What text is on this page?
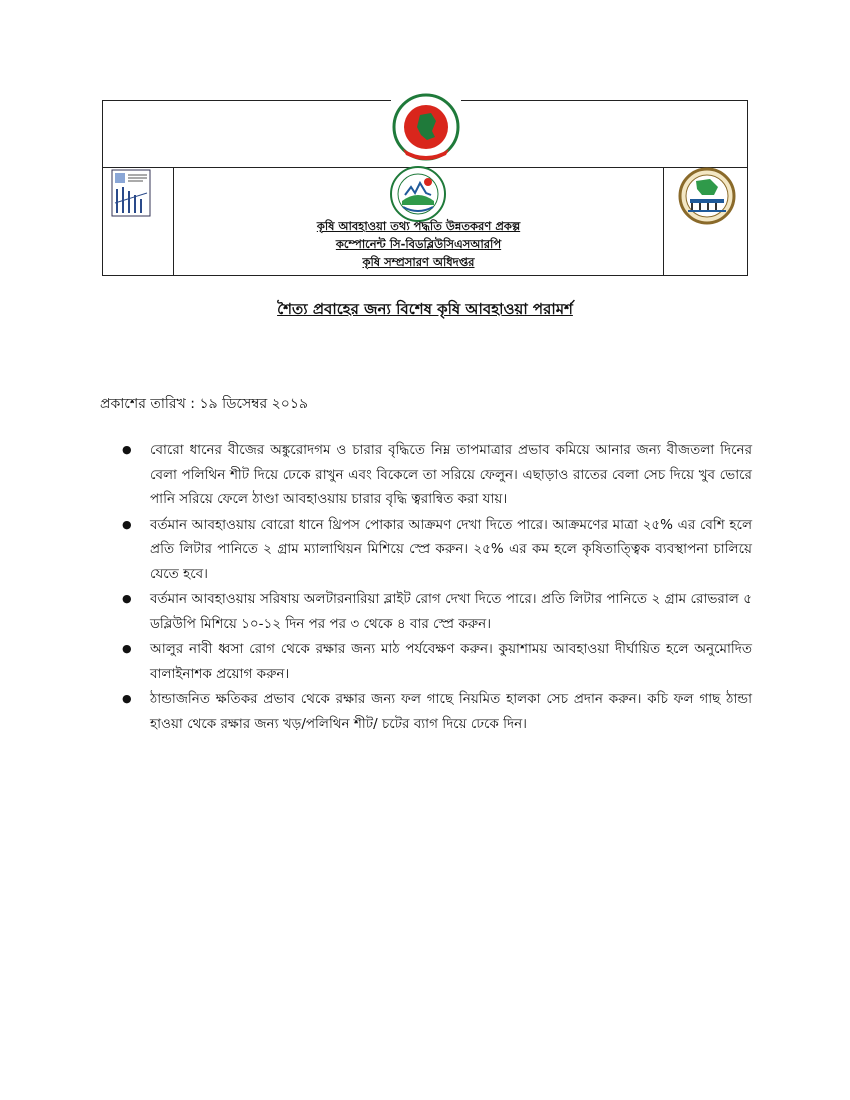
কৃষি আবহাওয়া তথ্য পদ্ধতি উন্নতকরণ প্রকল্প
কম্পোনেন্ট সি-বিডব্লিউসিএসআরপি
কৃষি সম্প্রসারণ অধিদপ্তর
শৈত্য প্রবাহের জন্য বিশেষ কৃষি আবহাওয়া পরামর্শ
প্রকাশের তারিখ : ১৯ ডিসেম্বর ২০১৯
● বোরো ধানের বীজের অঙ্কুরোদগম ও চারার বৃদ্ধিতে নিম্ন তাপমাত্রার প্রভাব কমিয়ে আনার জন্য বীজতলা দিনের বেলা পলিথিন শীট দিয়ে ঢেকে রাখুন এবং বিকেলে তা সরিয়ে ফেলুন। এছাড়াও রাতের বেলা সেচ দিয়ে খুব ভোরে পানি সরিয়ে ফেলে ঠাণ্ডা আবহাওয়ায় চারার বৃদ্ধি ত্বরান্বিত করা যায়।
● বর্তমান আবহাওয়ায় বোরো ধানে থ্রিপস পোকার আক্রমণ দেখা দিতে পারে। আক্রমণের মাত্রা ২৫% এর বেশি হলে প্রতি লিটার পানিতে ২ গ্রাম ম্যালাথিয়ন মিশিয়ে স্প্রে করুন। ২৫% এর কম হলে কৃষিতাত্ত্বিক ব্যবস্থাপনা চালিয়ে যেতে হবে।
● বর্তমান আবহাওয়ায় সরিষায় অলটারনারিয়া ব্লাইট রোগ দেখা দিতে পারে। প্রতি লিটার পানিতে ২ গ্রাম রোভরাল ৫ ডব্লিউপি মিশিয়ে ১০-১২ দিন পর পর ৩ থেকে ৪ বার স্প্রে করুন।
● আলুর নাবী ধ্বসা রোগ থেকে রক্ষার জন্য মাঠ পর্যবেক্ষণ করুন। কুয়াশাময় আবহাওয়া দীর্ঘায়িত হলে অনুমোদিত বালাইনাশক প্রয়োগ করুন।
● ঠান্ডাজনিত ক্ষতিকর প্রভাব থেকে রক্ষার জন্য ফল গাছে নিয়মিত হালকা সেচ প্রদান করুন। কচি ফল গাছ ঠান্ডা হাওয়া থেকে রক্ষার জন্য খড়/পলিথিন শীট/ চটের ব্যাগ দিয়ে ঢেকে দিন।
